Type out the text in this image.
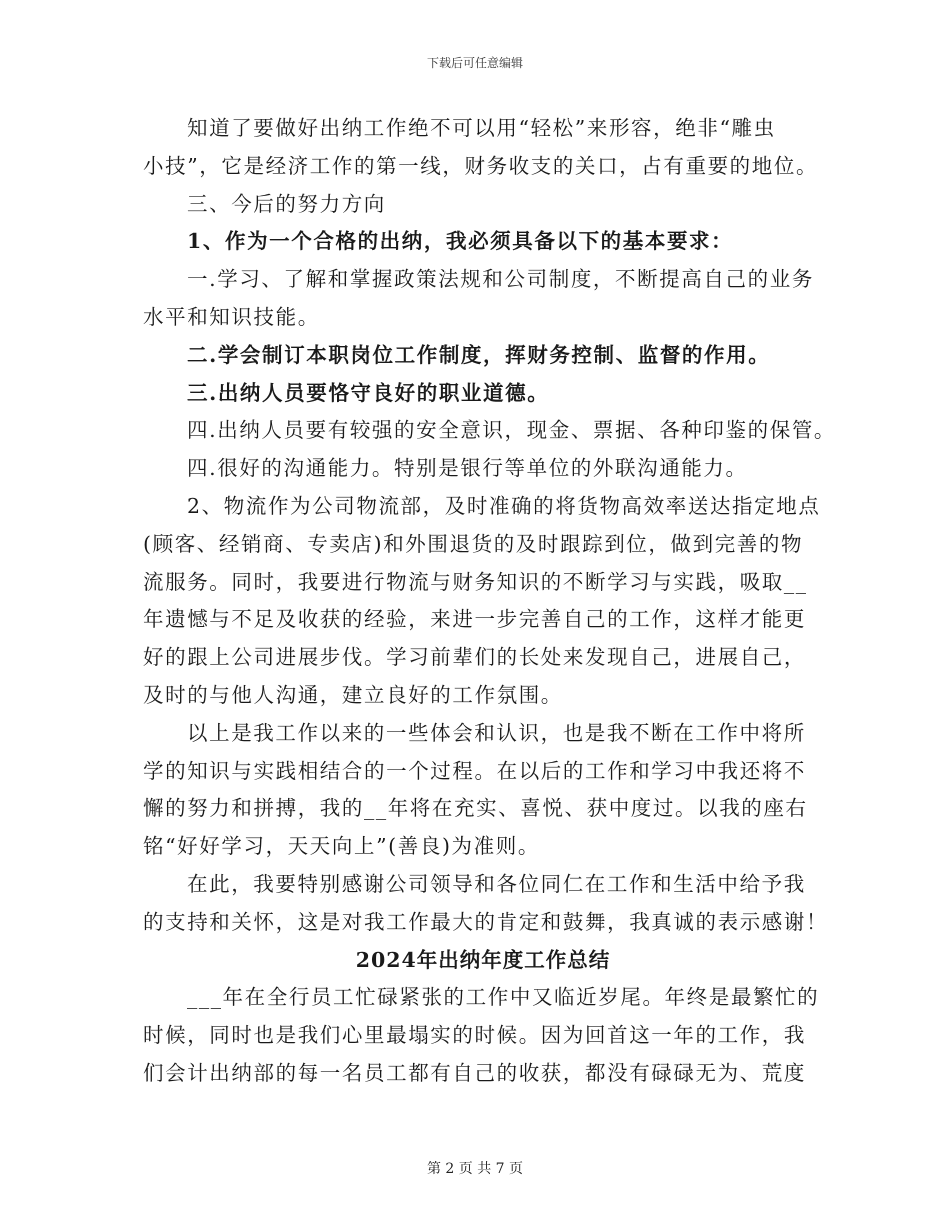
下载后可任意编辑
知道了要做好出纳工作绝不可以用“轻松”来形容，绝非“雕虫
小技”，它是经济工作的第一线，财务收支的关口，占有重要的地位。
三、今后的努力方向
1、作为一个合格的出纳，我必须具备以下的基本要求：
一.学习、了解和掌握政策法规和公司制度，不断提高自己的业务
水平和知识技能。
二.学会制订本职岗位工作制度，挥财务控制、监督的作用。
三.出纳人员要恪守良好的职业道德。
四.出纳人员要有较强的安全意识，现金、票据、各种印鉴的保管。
四.很好的沟通能力。特别是银行等单位的外联沟通能力。
2、物流作为公司物流部，及时准确的将货物高效率送达指定地点
(顾客、经销商、专卖店)和外围退货的及时跟踪到位，做到完善的物
流服务。同时，我要进行物流与财务知识的不断学习与实践，吸取__
年遗憾与不足及收获的经验，来进一步完善自己的工作，这样才能更
好的跟上公司进展步伐。学习前辈们的长处来发现自己，进展自己，
及时的与他人沟通，建立良好的工作氛围。
以上是我工作以来的一些体会和认识，也是我不断在工作中将所
学的知识与实践相结合的一个过程。在以后的工作和学习中我还将不
懈的努力和拼搏，我的__年将在充实、喜悦、获中度过。以我的座右
铭“好好学习，天天向上”(善良)为准则。
在此，我要特别感谢公司领导和各位同仁在工作和生活中给予我
的支持和关怀，这是对我工作最大的肯定和鼓舞，我真诚的表示感谢！
2024年出纳年度工作总结
___年在全行员工忙碌紧张的工作中又临近岁尾。年终是最繁忙的
时候，同时也是我们心里最塌实的时候。因为回首这一年的工作，我
们会计出纳部的每一名员工都有自己的收获，都没有碌碌无为、荒度
第 2 页 共 7 页
